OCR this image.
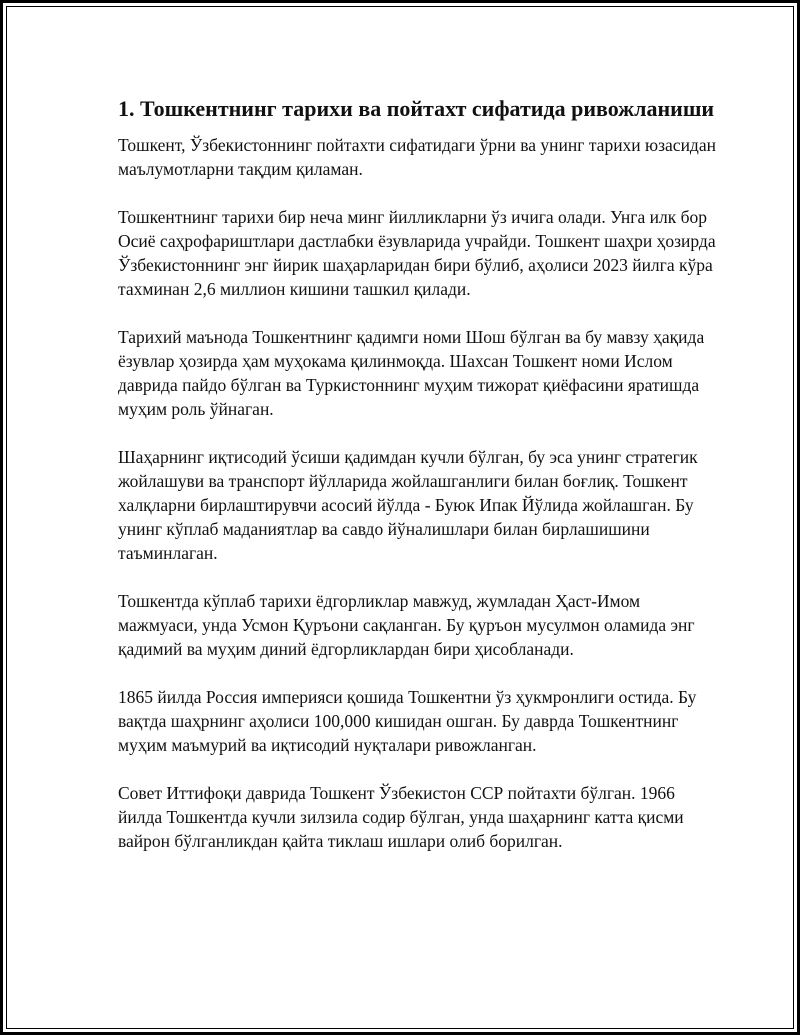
1. Тошкентнинг тарихи ва пойтахт сифатида ривожланиши

Тошкент, Ўзбекистоннинг пойтахти сифатидаги ўрни ва унинг тарихи юзасидан маълумотларни тақдим қиламан.

Тошкентнинг тарихи бир неча минг йилликларни ўз ичига олади. Унга илк бор Осиё саҳрофариштлари дастлабки ёзувларида учрайди. Тошкент шаҳри ҳозирда Ўзбекистоннинг энг йирик шаҳарларидан бири бўлиб, аҳолиси 2023 йилга кўра тахминан 2,6 миллион кишини ташкил қилади.

Тарихий маънода Тошкентнинг қадимги номи Шош бўлган ва бу мавзу ҳақида ёзувлар ҳозирда ҳам муҳокама қилинмоқда. Шахсан Тошкент номи Ислом даврида пайдо бўлган ва Туркистоннинг муҳим тижорат қиёфасини яратишда муҳим роль ўйнаган.

Шаҳарнинг иқтисодий ўсиши қадимдан кучли бўлган, бу эса унинг стратегик жойлашуви ва транспорт йўлларида жойлашганлиги билан боғлиқ. Тошкент халқларни бирлаштирувчи асосий йўлда - Буюк Ипак Йўлида жойлашган. Бу унинг кўплаб маданиятлар ва савдо йўналишлари билан бирлашишини таъминлаган.

Тошкентда кўплаб тарихи ёдгорликлар мавжуд, жумладан Ҳаст-Имом мажмуаси, унда Усмон Қуръони сақланган. Бу қуръон мусулмон оламида энг қадимий ва муҳим диний ёдгорликлардан бири ҳисобланади.

1865 йилда Россия империяси қошида Тошкентни ўз ҳукмронлиги остида. Бу вақтда шаҳрнинг аҳолиси 100,000 кишидан ошган. Бу даврда Тошкентнинг муҳим маъмурий ва иқтисодий нуқталари ривожланган.

Совет Иттифоқи даврида Тошкент Ўзбекистон ССР пойтахти бўлган. 1966 йилда Тошкентда кучли зилзила содир бўлган, унда шаҳарнинг катта қисми вайрон бўлганликдан қайта тиклаш ишлари олиб борилган.
